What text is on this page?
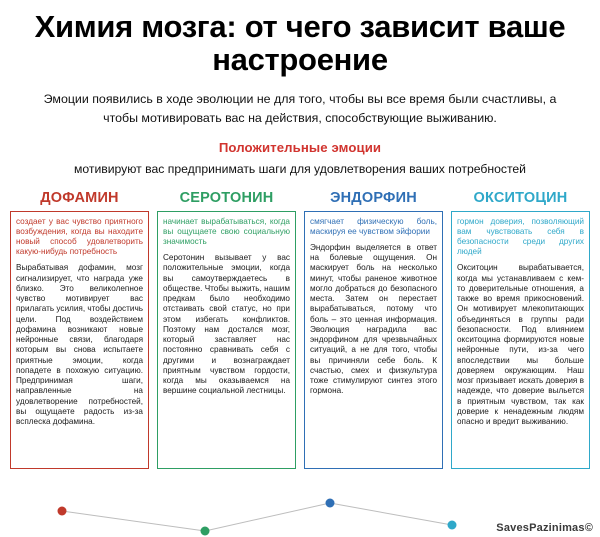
Химия мозга: от чего зависит ваше настроение

Эмоции появились в ходе эволюции не для того, чтобы вы все время были счастливы, а чтобы мотивировать вас на действия, способствующие выживанию.

Положительные эмоции
мотивируют вас предпринимать шаги для удовлетворения ваших потребностей
ДОФАМИН

создает у вас чувство приятного возбуждения, когда вы находите новый способ удовлетворить какую-нибудь потребность

Вырабатывая дофамин, мозг сигнализирует, что награда уже близко. Это великолепное чувство мотивирует вас прилагать усилия, чтобы достичь цели. Под воздействием дофамина возникают новые нейронные связи, благодаря которым вы снова испытаете приятные эмоции, когда попадете в похожую ситуацию. Предпринимая шаги, направленные на удовлетворение потребностей, вы ощущаете радость из-за всплеска дофамина.

СЕРОТОНИН

начинает вырабатываться, когда вы ощущаете свою социальную значимость

Серотонин вызывает у вас положительные эмоции, когда вы самоутверждаетесь в обществе. Чтобы выжить, нашим предкам было необходимо отстаивать свой статус, но при этом избегать конфликтов. Поэтому нам достался мозг, который заставляет нас постоянно сравнивать себя с другими и вознаграждает приятным чувством гордости, когда мы оказываемся на вершине социальной лестницы.

ЭНДОРФИН

смягчает физическую боль, маскируя ее чувством эйфории

Эндорфин выделяется в ответ на болевые ощущения. Он маскирует боль на несколько минут, чтобы раненое животное могло добраться до безопасного места. Затем он перестает вырабатываться, потому что боль – это ценная информация. Эволюция наградила вас эндорфином для чрезвычайных ситуаций, а не для того, чтобы вы причиняли себе боль. К счастью, смех и физкультура тоже стимулируют синтез этого гормона.

ОКСИТОЦИН

гормон доверия, позволяющий вам чувствовать себя в безопасности среди других людей

Окситоцин вырабатывается, когда мы устанавливаем с кем-то доверительные отношения, а также во время прикосновений. Он мотивирует млекопитающих объединяться в группы ради безопасности. Под влиянием окситоцина формируются новые нейронные пути, из-за чего впоследствии мы больше доверяем окружающим. Наш мозг призывает искать доверия в надежде, что доверие выльется в приятным чувством, так как доверие к ненадежным людям опасно и вредит выживанию.

SavesPazinimas©
